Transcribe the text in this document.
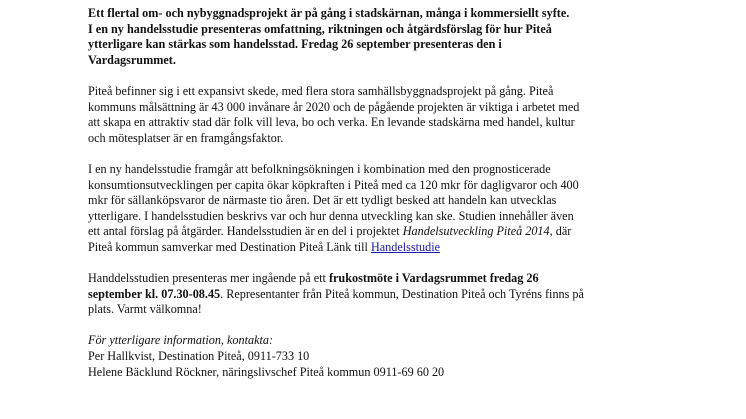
Ett flertal om- och nybyggnadsprojekt är på gång i stadskärnan, många i kommersiellt syfte.
I en ny handelsstudie presenteras omfattning, riktningen och åtgärdsförslag för hur Piteå
ytterligare kan stärkas som handelsstad. Fredag 26 september presenteras den i
Vardagsrummet.

Piteå befinner sig i ett expansivt skede, med flera stora samhällsbyggnadsprojekt på gång. Piteå
kommuns målsättning är 43 000 invånare år 2020 och de pågående projekten är viktiga i arbetet med
att skapa en attraktiv stad där folk vill leva, bo och verka. En levande stadskärna med handel, kultur
och mötesplatser är en framgångsfaktor.

I en ny handelsstudie framgår att befolkningsökningen i kombination med den prognosticerade
konsumtionsutvecklingen per capita ökar köpkraften i Piteå med ca 120 mkr för dagligvaror och 400
mkr för sällanköpsvaror de närmaste tio åren. Det är ett tydligt besked att handeln kan utvecklas
ytterligare. I handelsstudien beskrivs var och hur denna utveckling kan ske. Studien innehåller även
ett antal förslag på åtgärder. Handelsstudien är en del i projektet Handelsutveckling Piteå 2014, där
Piteå kommun samverkar med Destination Piteå Länk till Handelsstudie

Handdelsstudien presenteras mer ingående på ett frukostmöte i Vardagsrummet fredag 26
september kl. 07.30-08.45. Representanter från Piteå kommun, Destination Piteå och Tyréns finns på
plats. Varmt välkomna!

För ytterligare information, kontakta:

Per Hallkvist, Destination Piteå, 0911-733 10

Helene Bäcklund Röckner, näringslivschef Piteå kommun 0911-69 60 20
